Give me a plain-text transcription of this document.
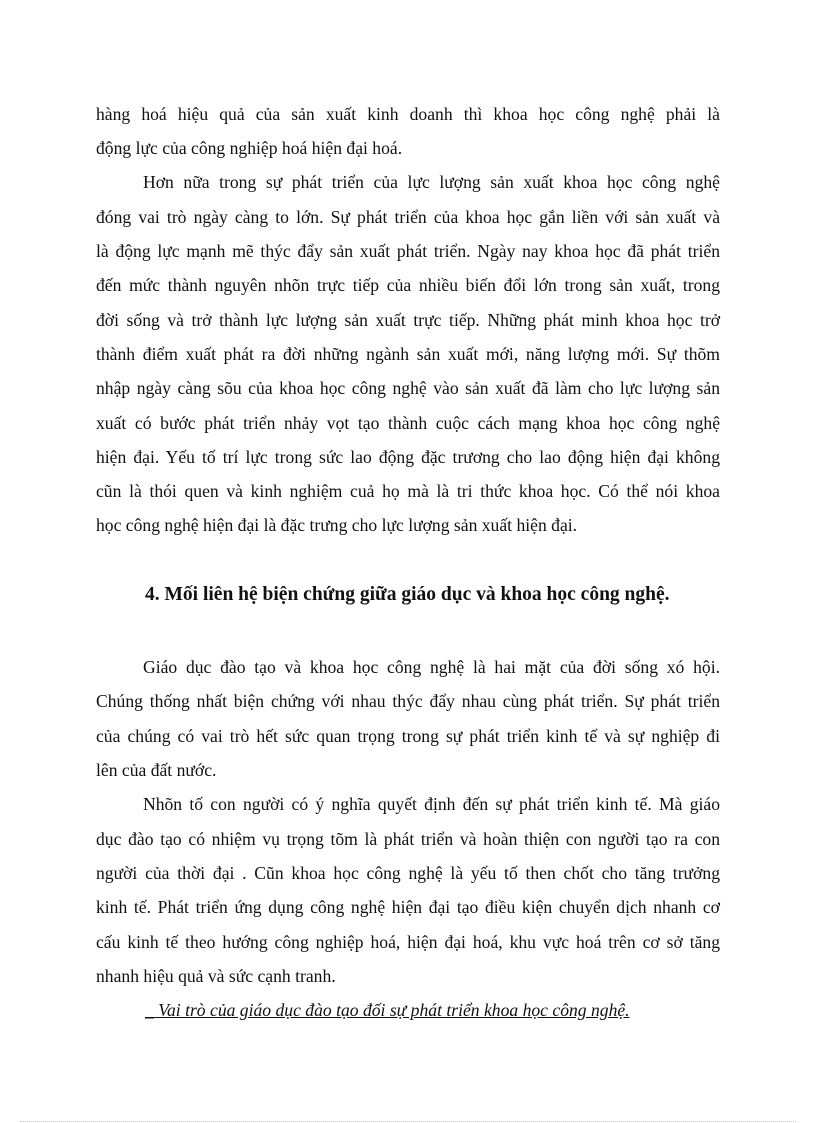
hàng hoá hiệu quả của sản xuất kinh doanh thì khoa học công nghệ phải là
động lực của công nghiệp hoá hiện đại hoá.
Hơn nữa trong sự phát triển của lực lượng sản xuất khoa học công nghệ
đóng vai trò ngày càng to lớn. Sự phát triển của khoa học gắn liền với sản xuất và
là động lực mạnh mẽ thýc đẩy sản xuất phát triển. Ngày nay khoa học đã phát triển
đến mức thành nguyên nhõn trực tiếp của nhiều biến đổi lớn trong sản xuất, trong
đời sống và trở thành lực lượng sản xuất trực tiếp. Những phát minh khoa học trở
thành điểm xuất phát ra đời những ngành sản xuất mới, năng lượng mới. Sự thõm
nhập ngày càng sõu của khoa học công nghệ vào sản xuất đã làm cho lực lượng sản
xuất có bước phát triển nhảy vọt tạo thành cuộc cách mạng khoa học công nghệ
hiện đại. Yếu tố trí lực trong sức lao động đặc trương cho lao động hiện đại không
cũn là thói quen và kinh nghiệm cuả họ mà là tri thức khoa học. Có thể nói khoa
học công nghệ hiện đại là đặc trưng cho lực lượng sản xuất hiện đại.
4. Mối liên hệ biện chứng giữa giáo dục và khoa học công nghệ.
Giáo dục đào tạo và khoa học công nghệ là hai mặt của đời sống xó hội.
Chúng thống nhất biện chứng với nhau thýc đẩy nhau cùng phát triển. Sự phát triển
của chúng có vai trò hết sức quan trọng trong sự phát triển kinh tế và sự nghiệp đi
lên của đất nước.
Nhõn tố con người có ý nghĩa quyết định đến sự phát triển kinh tế. Mà giáo
dục đào tạo có nhiệm vụ trọng tõm là phát triển và hoàn thiện con người tạo ra con
người của thời đại . Cũn khoa học công nghệ là yếu tố then chốt cho tăng trưởng
kinh tế. Phát triển ứng dụng công nghệ hiện đại tạo điều kiện chuyển dịch nhanh cơ
cấu kinh tế theo hướng công nghiệp hoá, hiện đại hoá, khu vực hoá trên cơ sở tăng
nhanh hiệu quả và sức cạnh tranh.
_ Vai trò của giáo dục đào tạo đối sự phát triển khoa học công nghệ.
